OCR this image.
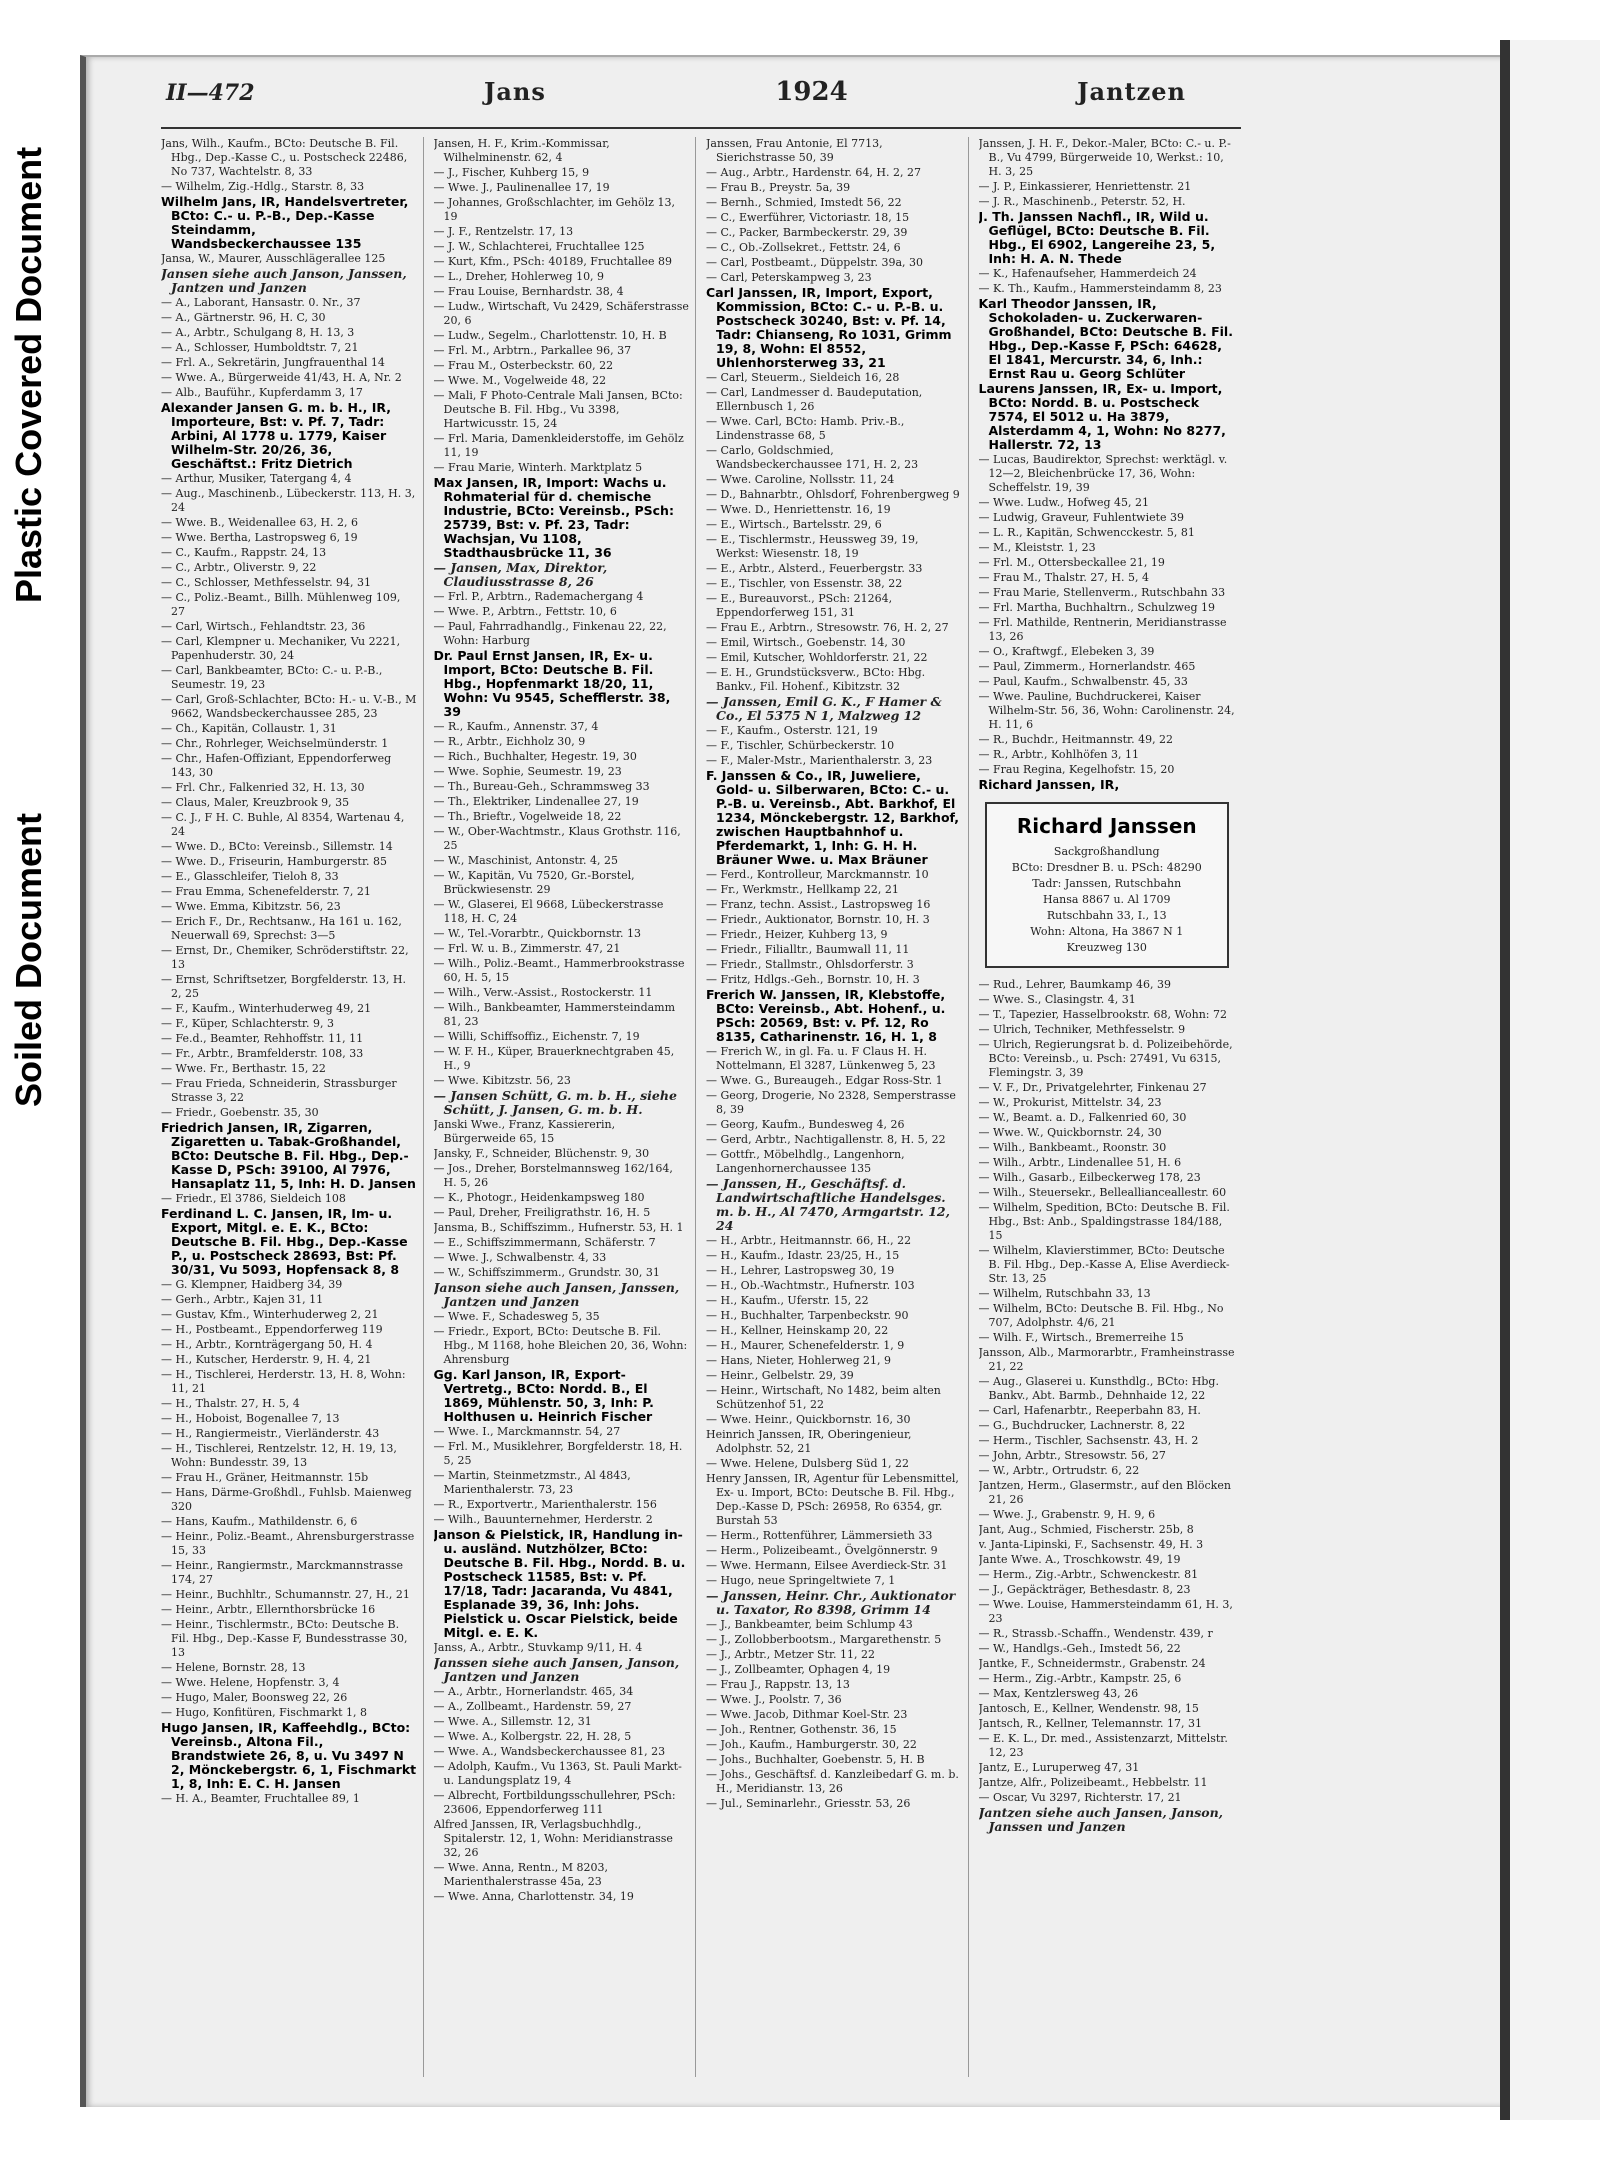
Plastic Covered Document
Soiled Document
II—472	Jans	1924	Jantzen
Jans, Wilh., Kaufm., BCto: Deutsche B. Fil. Hbg., Dep.-Kasse C., u. Postscheck 22486, No 737, Wachtelstr. 8, 33
— Wilhelm, Zig.-Hdlg., Starstr. 8, 33
Wilhelm Jans, IR, Handelsvertreter, BCto: C.- u. P.-B., Dep.-Kasse Steindamm, Wandsbeckerchaussee 135
Jansa, W., Maurer, Ausschlägerallee 125
Jansen siehe auch Janson, Janssen, Jantzen und Janzen
— A., Laborant, Hansastr. 0. Nr., 37
— A., Gärtnerstr. 96, H. C, 30
— A., Arbtr., Schulgang 8, H. 13, 3
— A., Schlosser, Humboldtstr. 7, 21
— Frl. A., Sekretärin, Jungfrauenthal 14
— Wwe. A., Bürgerweide 41/43, H. A, Nr. 2
— Alb., Bauführ., Kupferdamm 3, 17
Alexander Jansen G. m. b. H., IR, Importeure, Bst: v. Pf. 7, Tadr: Arbini, Al 1778 u. 1779, Kaiser Wilhelm-Str. 20/26, 36, Geschäftst.: Fritz Dietrich
— Arthur, Musiker, Tatergang 4, 4
— Aug., Maschinenb., Lübeckerstr. 113, H. 3, 24
— Wwe. B., Weidenallee 63, H. 2, 6
— Wwe. Bertha, Lastropsweg 6, 19
— C., Kaufm., Rappstr. 24, 13
— C., Arbtr., Oliverstr. 9, 22
— C., Schlosser, Methfesselstr. 94, 31
— C., Poliz.-Beamt., Billh. Mühlenweg 109, 27
— Carl, Wirtsch., Fehlandtstr. 23, 36
— Carl, Klempner u. Mechaniker, Vu 2221, Papenhuderstr. 30, 24
— Carl, Bankbeamter, BCto: C.- u. P.-B., Seumestr. 19, 23
— Carl, Groß-Schlachter, BCto: H.- u. V.-B., M 9662, Wandsbeckerchaussee 285, 23
— Ch., Kapitän, Collaustr. 1, 31
— Chr., Rohrleger, Weichselmünderstr. 1
— Chr., Hafen-Offiziant, Eppendorferweg 143, 30
— Frl. Chr., Falkenried 32, H. 13, 30
— Claus, Maler, Kreuzbrook 9, 35
— C. J., F H. C. Buhle, Al 8354, Wartenau 4, 24
— Wwe. D., BCto: Vereinsb., Sillemstr. 14
— Wwe. D., Friseurin, Hamburgerstr. 85
— E., Glasschleifer, Tieloh 8, 33
— Frau Emma, Schenefelderstr. 7, 21
— Wwe. Emma, Kibitzstr. 56, 23
— Erich F., Dr., Rechtsanw., Ha 161 u. 162, Neuerwall 69, Sprechst: 3—5
— Ernst, Dr., Chemiker, Schröderstiftstr. 22, 13
— Ernst, Schriftsetzer, Borgfelderstr. 13, H. 2, 25
— F., Kaufm., Winterhuderweg 49, 21
— F., Küper, Schlachterstr. 9, 3
— Fe.d., Beamter, Rehhoffstr. 11, 11
— Fr., Arbtr., Bramfelderstr. 108, 33
— Wwe. Fr., Berthastr. 15, 22
— Frau Frieda, Schneiderin, Strassburger Strasse 3, 22
— Friedr., Goebenstr. 35, 30
Friedrich Jansen, IR, Zigarren, Zigaretten u. Tabak-Großhandel, BCto: Deutsche B. Fil. Hbg., Dep.-Kasse D, PSch: 39100, Al 7976, Hansaplatz 11, 5, Inh: H. D. Jansen
— Friedr., El 3786, Sieldeich 108
Ferdinand L. C. Jansen, IR, Im- u. Export, Mitgl. e. E. K., BCto: Deutsche B. Fil. Hbg., Dep.-Kasse P., u. Postscheck 28693, Bst: Pf. 30/31, Vu 5093, Hopfensack 8, 8
— G. Klempner, Haidberg 34, 39
— Gerh., Arbtr., Kajen 31, 11
— Gustav, Kfm., Winterhuderweg 2, 21
— H., Postbeamt., Eppendorferweg 119
— H., Arbtr., Kornträgergang 50, H. 4
— H., Kutscher, Herderstr. 9, H. 4, 21
— H., Tischlerei, Herderstr. 13, H. 8, Wohn: 11, 21
— H., Thalstr. 27, H. 5, 4
— H., Hoboist, Bogenallee 7, 13
— H., Rangiermeistr., Vierländerstr. 43
— H., Tischlerei, Rentzelstr. 12, H. 19, 13, Wohn: Bundesstr. 39, 13
— Frau H., Gräner, Heitmannstr. 15b
— Hans, Därme-Großhdl., Fuhlsb. Maienweg 320
— Hans, Kaufm., Mathildenstr. 6, 6
— Heinr., Poliz.-Beamt., Ahrensburgerstrasse 15, 33
— Heinr., Rangiermstr., Marckmannstrasse 174, 27
— Heinr., Buchhltr., Schumannstr. 27, H., 21
— Heinr., Arbtr., Ellernthorsbrücke 16
— Heinr., Tischlermstr., BCto: Deutsche B. Fil. Hbg., Dep.-Kasse F, Bundesstrasse 30, 13
— Helene, Bornstr. 28, 13
— Wwe. Helene, Hopfenstr. 3, 4
— Hugo, Maler, Boonsweg 22, 26
— Hugo, Konfitüren, Fischmarkt 1, 8
Hugo Jansen, IR, Kaffeehdlg., BCto: Vereinsb., Altona Fil., Brandstwiete 26, 8, u. Vu 3497 N 2, Mönckebergstr. 6, 1, Fischmarkt 1, 8, Inh: E. C. H. Jansen
— H. A., Beamter, Fruchtallee 89, 1
Jansen, H. F., Krim.-Kommissar, Wilhelminenstr. 62, 4
— J., Fischer, Kuhberg 15, 9
— Wwe. J., Paulinenallee 17, 19
— Johannes, Großschlachter, im Gehölz 13, 19
— J. F., Rentzelstr. 17, 13
— J. W., Schlachterei, Fruchtallee 125
— Kurt, Kfm., PSch: 40189, Fruchtallee 89
— L., Dreher, Hohlerweg 10, 9
— Frau Louise, Bernhardstr. 38, 4
— Ludw., Wirtschaft, Vu 2429, Schäferstrasse 20, 6
— Ludw., Segelm., Charlottenstr. 10, H. B
— Frl. M., Arbtrn., Parkallee 96, 37
— Frau M., Osterbeckstr. 60, 22
— Wwe. M., Vogelweide 48, 22
— Mali, F Photo-Centrale Mali Jansen, BCto: Deutsche B. Fil. Hbg., Vu 3398, Hartwicusstr. 15, 24
— Frl. Maria, Damenkleiderstoffe, im Gehölz 11, 19
— Frau Marie, Winterh. Marktplatz 5
Max Jansen, IR, Import: Wachs u. Rohmaterial für d. chemische Industrie, BCto: Vereinsb., PSch: 25739, Bst: v. Pf. 23, Tadr: Wachsjan, Vu 1108, Stadthausbrücke 11, 36
— Jansen, Max, Direktor, Claudiusstrasse 8, 26
— Frl. P., Arbtrn., Rademachergang 4
— Wwe. P., Arbtrn., Fettstr. 10, 6
— Paul, Fahrradhandlg., Finkenau 22, 22, Wohn: Harburg
Dr. Paul Ernst Jansen, IR, Ex- u. Import, BCto: Deutsche B. Fil. Hbg., Hopfenmarkt 18/20, 11, Wohn: Vu 9545, Schefflerstr. 38, 39
— R., Kaufm., Annenstr. 37, 4
— R., Arbtr., Eichholz 30, 9
— Rich., Buchhalter, Hegestr. 19, 30
— Wwe. Sophie, Seumestr. 19, 23
— Th., Bureau-Geh., Schrammsweg 33
— Th., Elektriker, Lindenallee 27, 19
— Th., Brieftr., Vogelweide 18, 22
— W., Ober-Wachtmstr., Klaus Grothstr. 116, 25
— W., Maschinist, Antonstr. 4, 25
— W., Kapitän, Vu 7520, Gr.-Borstel, Brückwiesenstr. 29
— W., Glaserei, El 9668, Lübeckerstrasse 118, H. C, 24
— W., Tel.-Vorarbtr., Quickbornstr. 13
— Frl. W. u. B., Zimmerstr. 47, 21
— Wilh., Poliz.-Beamt., Hammerbrookstrasse 60, H. 5, 15
— Wilh., Verw.-Assist., Rostockerstr. 11
— Wilh., Bankbeamter, Hammersteindamm 81, 23
— Willi, Schiffsoffiz., Eichenstr. 7, 19
— W. F. H., Küper, Brauerknechtgraben 45, H., 9
— Wwe. Kibitzstr. 56, 23
— Jansen Schütt, G. m. b. H., siehe Schütt, J. Jansen, G. m. b. H.
Janski Wwe., Franz, Kassiererin, Bürgerweide 65, 15
Jansky, F., Schneider, Blüchenstr. 9, 30
— Jos., Dreher, Borstelmannsweg 162/164, H. 5, 26
— K., Photogr., Heidenkampsweg 180
— Paul, Dreher, Freiligrathstr. 16, H. 5
Jansma, B., Schiffszimm., Hufnerstr. 53, H. 1
— E., Schiffszimmermann, Schäferstr. 7
— Wwe. J., Schwalbenstr. 4, 33
— W., Schiffszimmerm., Grundstr. 30, 31
Janson siehe auch Jansen, Janssen, Jantzen und Janzen
— Wwe. F., Schadesweg 5, 35
— Friedr., Export, BCto: Deutsche B. Fil. Hbg., M 1168, hohe Bleichen 20, 36, Wohn: Ahrensburg
Gg. Karl Janson, IR, Export-Vertretg., BCto: Nordd. B., El 1869, Mühlenstr. 50, 3, Inh: P. Holthusen u. Heinrich Fischer
— Wwe. I., Marckmannstr. 54, 27
— Frl. M., Musiklehrer, Borgfelderstr. 18, H. 5, 25
— Martin, Steinmetzmstr., Al 4843, Marienthalerstr. 73, 23
— R., Exportvertr., Marienthalerstr. 156
— Wilh., Bauunternehmer, Herderstr. 2
Janson & Pielstick, IR, Handlung in- u. ausländ. Nutzhölzer, BCto: Deutsche B. Fil. Hbg., Nordd. B. u. Postscheck 11585, Bst: v. Pf. 17/18, Tadr: Jacaranda, Vu 4841, Esplanade 39, 36, Inh: Johs. Pielstick u. Oscar Pielstick, beide Mitgl. e. E. K.
Janss, A., Arbtr., Stuvkamp 9/11, H. 4
Janssen siehe auch Jansen, Janson, Jantzen und Janzen
— A., Arbtr., Hornerlandstr. 465, 34
— A., Zollbeamt., Hardenstr. 59, 27
— Wwe. A., Sillemstr. 12, 31
— Wwe. A., Kolbergstr. 22, H. 28, 5
— Wwe. A., Wandsbeckerchaussee 81, 23
— Adolph, Kaufm., Vu 1363, St. Pauli Markt- u. Landungsplatz 19, 4
— Albrecht, Fortbildungsschullehrer, PSch: 23606, Eppendorferweg 111
Alfred Janssen, IR, Verlagsbuchhdlg., Spitalerstr. 12, 1, Wohn: Meridianstrasse 32, 26
— Wwe. Anna, Rentn., M 8203, Marienthalerstrasse 45a, 23
— Wwe. Anna, Charlottenstr. 34, 19
Janssen, Frau Antonie, El 7713, Sierichstrasse 50, 39
— Aug., Arbtr., Hardenstr. 64, H. 2, 27
— Frau B., Preystr. 5a, 39
— Bernh., Schmied, Imstedt 56, 22
— C., Ewerführer, Victoriastr. 18, 15
— C., Packer, Barmbeckerstr. 29, 39
— C., Ob.-Zollsekret., Fettstr. 24, 6
— Carl, Postbeamt., Düppelstr. 39a, 30
— Carl, Peterskampweg 3, 23
Carl Janssen, IR, Import, Export, Kommission, BCto: C.- u. P.-B. u. Postscheck 30240, Bst: v. Pf. 14, Tadr: Chianseng, Ro 1031, Grimm 19, 8, Wohn: El 8552, Uhlenhorsterweg 33, 21
— Carl, Steuerm., Sieldeich 16, 28
— Carl, Landmesser d. Baudeputation, Ellernbusch 1, 26
— Wwe. Carl, BCto: Hamb. Priv.-B., Lindenstrasse 68, 5
— Carlo, Goldschmied, Wandsbeckerchaussee 171, H. 2, 23
— Wwe. Caroline, Nollsstr. 11, 24
— D., Bahnarbtr., Ohlsdorf, Fohrenbergweg 9
— Wwe. D., Henriettenstr. 16, 19
— E., Wirtsch., Bartelsstr. 29, 6
— E., Tischlermstr., Heussweg 39, 19, Werkst: Wiesenstr. 18, 19
— E., Arbtr., Alsterd., Feuerbergstr. 33
— E., Tischler, von Essenstr. 38, 22
— E., Bureauvorst., PSch: 21264, Eppendorferweg 151, 31
— Frau E., Arbtrn., Stresowstr. 76, H. 2, 27
— Emil, Wirtsch., Goebenstr. 14, 30
— Emil, Kutscher, Wohldorferstr. 21, 22
— E. H., Grundstücksverw., BCto: Hbg. Bankv., Fil. Hohenf., Kibitzstr. 32
— Janssen, Emil G. K., F Hamer & Co., El 5375 N 1, Malzweg 12
— F., Kaufm., Osterstr. 121, 19
— F., Tischler, Schürbeckerstr. 10
— F., Maler-Mstr., Marienthalerstr. 3, 23
F. Janssen & Co., IR, Juweliere, Gold- u. Silberwaren, BCto: C.- u. P.-B. u. Vereinsb., Abt. Barkhof, El 1234, Mönckebergstr. 12, Barkhof, zwischen Hauptbahnhof u. Pferdemarkt, 1, Inh: G. H. H. Bräuner Wwe. u. Max Bräuner
— Ferd., Kontrolleur, Marckmannstr. 10
— Fr., Werkmstr., Hellkamp 22, 21
— Franz, techn. Assist., Lastropsweg 16
— Friedr., Auktionator, Bornstr. 10, H. 3
— Friedr., Heizer, Kuhberg 13, 9
— Friedr., Filialltr., Baumwall 11, 11
— Friedr., Stallmstr., Ohlsdorferstr. 3
— Fritz, Hdlgs.-Geh., Bornstr. 10, H. 3
Frerich W. Janssen, IR, Klebstoffe, BCto: Vereinsb., Abt. Hohenf., u. PSch: 20569, Bst: v. Pf. 12, Ro 8135, Catharinenstr. 16, H. 1, 8
— Frerich W., in gl. Fa. u. F Claus H. H. Nottelmann, El 3287, Lünkenweg 5, 23
— Wwe. G., Bureaugeh., Edgar Ross-Str. 1
— Georg, Drogerie, No 2328, Semperstrasse 8, 39
— Georg, Kaufm., Bundesweg 4, 26
— Gerd, Arbtr., Nachtigallenstr. 8, H. 5, 22
— Gottfr., Möbelhdlg., Langenhorn, Langenhornerchaussee 135
— Janssen, H., Geschäftsf. d. Landwirtschaftliche Handelsges. m. b. H., Al 7470, Armgartstr. 12, 24
— H., Arbtr., Heitmannstr. 66, H., 22
— H., Kaufm., Idastr. 23/25, H., 15
— H., Lehrer, Lastropsweg 30, 19
— H., Ob.-Wachtmstr., Hufnerstr. 103
— H., Kaufm., Uferstr. 15, 22
— H., Buchhalter, Tarpenbeckstr. 90
— H., Kellner, Heinskamp 20, 22
— H., Maurer, Schenefelderstr. 1, 9
— Hans, Nieter, Hohlerweg 21, 9
— Heinr., Gelbelstr. 29, 39
— Heinr., Wirtschaft, No 1482, beim alten Schützenhof 51, 22
— Wwe. Heinr., Quickbornstr. 16, 30
Heinrich Janssen, IR, Oberingenieur, Adolphstr. 52, 21
— Wwe. Helene, Dulsberg Süd 1, 22
Henry Janssen, IR, Agentur für Lebensmittel, Ex- u. Import, BCto: Deutsche B. Fil. Hbg., Dep.-Kasse D, PSch: 26958, Ro 6354, gr. Burstah 53
— Herm., Rottenführer, Lämmersieth 33
— Herm., Polizeibeamt., Övelgönnerstr. 9
— Wwe. Hermann, Eilsee Averdieck-Str. 31
— Hugo, neue Springeltwiete 7, 1
— Janssen, Heinr. Chr., Auktionator u. Taxator, Ro 8398, Grimm 14
— J., Bankbeamter, beim Schlump 43
— J., Zollobberbootsm., Margarethenstr. 5
— J., Arbtr., Metzer Str. 11, 22
— J., Zollbeamter, Ophagen 4, 19
— Frau J., Rappstr. 13, 13
— Wwe. J., Poolstr. 7, 36
— Wwe. Jacob, Dithmar Koel-Str. 23
— Joh., Rentner, Gothenstr. 36, 15
— Joh., Kaufm., Hamburgerstr. 30, 22
— Johs., Buchhalter, Goebenstr. 5, H. B
— Johs., Geschäftsf. d. Kanzleibedarf G. m. b. H., Meridianstr. 13, 26
— Jul., Seminarlehr., Griesstr. 53, 26
Janssen, J. H. F., Dekor.-Maler, BCto: C.- u. P.-B., Vu 4799, Bürgerweide 10, Werkst.: 10, H. 3, 25
— J. P., Einkassierer, Henriettenstr. 21
— J. R., Maschinenb., Peterstr. 52, H.
J. Th. Janssen Nachfl., IR, Wild u. Geflügel, BCto: Deutsche B. Fil. Hbg., El 6902, Langereihe 23, 5, Inh: H. A. N. Thede
— K., Hafenaufseher, Hammerdeich 24
— K. Th., Kaufm., Hammersteindamm 8, 23
Karl Theodor Janssen, IR, Schokoladen- u. Zuckerwaren-Großhandel, BCto: Deutsche B. Fil. Hbg., Dep.-Kasse F, PSch: 64628, El 1841, Mercurstr. 34, 6, Inh.: Ernst Rau u. Georg Schlüter
Laurens Janssen, IR, Ex- u. Import, BCto: Nordd. B. u. Postscheck 7574, El 5012 u. Ha 3879, Alsterdamm 4, 1, Wohn: No 8277, Hallerstr. 72, 13
— Lucas, Baudirektor, Sprechst: werktägl. v. 12—2, Bleichenbrücke 17, 36, Wohn: Scheffelstr. 19, 39
— Wwe. Ludw., Hofweg 45, 21
— Ludwig, Graveur, Fuhlentwiete 39
— L. R., Kapitän, Schwencckestr. 5, 81
— M., Kleiststr. 1, 23
— Frl. M., Ottersbeckallee 21, 19
— Frau M., Thalstr. 27, H. 5, 4
— Frau Marie, Stellenverm., Rutschbahn 33
— Frl. Martha, Buchhaltrn., Schulzweg 19
— Frl. Mathilde, Rentnerin, Meridianstrasse 13, 26
— O., Kraftwgf., Elebeken 3, 39
— Paul, Zimmerm., Hornerlandstr. 465
— Paul, Kaufm., Schwalbenstr. 45, 33
— Wwe. Pauline, Buchdruckerei, Kaiser Wilhelm-Str. 56, 36, Wohn: Carolinenstr. 24, H. 11, 6
— R., Buchdr., Heitmannstr. 49, 22
— R., Arbtr., Kohlhöfen 3, 11
— Frau Regina, Kegelhofstr. 15, 20
Richard Janssen, IR,
Richard Janssen
Sackgroßhandlung
BCto: Dresdner B. u. PSch: 48290
Tadr: Janssen, Rutschbahn
Hansa 8867 u. Al 1709
Rutschbahn 33, I., 13
Wohn: Altona, Ha 3867 N 1
Kreuzweg 130
— Rud., Lehrer, Baumkamp 46, 39
— Wwe. S., Clasingstr. 4, 31
— T., Tapezier, Hasselbrookstr. 68, Wohn: 72
— Ulrich, Techniker, Methfesselstr. 9
— Ulrich, Regierungsrat b. d. Polizeibehörde, BCto: Vereinsb., u. Psch: 27491, Vu 6315, Flemingstr. 3, 39
— V. F., Dr., Privatgelehrter, Finkenau 27
— W., Prokurist, Mittelstr. 34, 23
— W., Beamt. a. D., Falkenried 60, 30
— Wwe. W., Quickbornstr. 24, 30
— Wilh., Bankbeamt., Roonstr. 30
— Wilh., Arbtr., Lindenallee 51, H. 6
— Wilh., Gasarb., Eilbeckerweg 178, 23
— Wilh., Steuersekr., Belleallianceallestr. 60
— Wilhelm, Spedition, BCto: Deutsche B. Fil. Hbg., Bst: Anb., Spaldingstrasse 184/188, 15
— Wilhelm, Klavierstimmer, BCto: Deutsche B. Fil. Hbg., Dep.-Kasse A, Elise Averdieck-Str. 13, 25
— Wilhelm, Rutschbahn 33, 13
— Wilhelm, BCto: Deutsche B. Fil. Hbg., No 707, Adolphstr. 4/6, 21
— Wilh. F., Wirtsch., Bremerreihe 15
Jansson, Alb., Marmorarbtr., Framheinstrasse 21, 22
— Aug., Glaserei u. Kunsthdlg., BCto: Hbg. Bankv., Abt. Barmb., Dehnhaide 12, 22
— Carl, Hafenarbtr., Reeperbahn 83, H.
— G., Buchdrucker, Lachnerstr. 8, 22
— Herm., Tischler, Sachsenstr. 43, H. 2
— John, Arbtr., Stresowstr. 56, 27
— W., Arbtr., Ortrudstr. 6, 22
Jantzen, Herm., Glasermstr., auf den Blöcken 21, 26
— Wwe. J., Grabenstr. 9, H. 9, 6
Jant, Aug., Schmied, Fischerstr. 25b, 8
v. Janta-Lipinski, F., Sachsenstr. 49, H. 3
Jante Wwe. A., Troschkowstr. 49, 19
— Herm., Zig.-Arbtr., Schwenckestr. 81
— J., Gepäckträger, Bethesdastr. 8, 23
— Wwe. Louise, Hammersteindamm 61, H. 3, 23
— R., Strassb.-Schaffn., Wendenstr. 439, r
— W., Handlgs.-Geh., Imstedt 56, 22
Jantke, F., Schneidermstr., Grabenstr. 24
— Herm., Zig.-Arbtr., Kampstr. 25, 6
— Max, Kentzlersweg 43, 26
Jantosch, E., Kellner, Wendenstr. 98, 15
Jantsch, R., Kellner, Telemannstr. 17, 31
— E. K. L., Dr. med., Assistenzarzt, Mittelstr. 12, 23
Jantz, E., Luruperweg 47, 31
Jantze, Alfr., Polizeibeamt., Hebbelstr. 11
— Oscar, Vu 3297, Richterstr. 17, 21
Jantzen siehe auch Jansen, Janson, Janssen und Janzen
